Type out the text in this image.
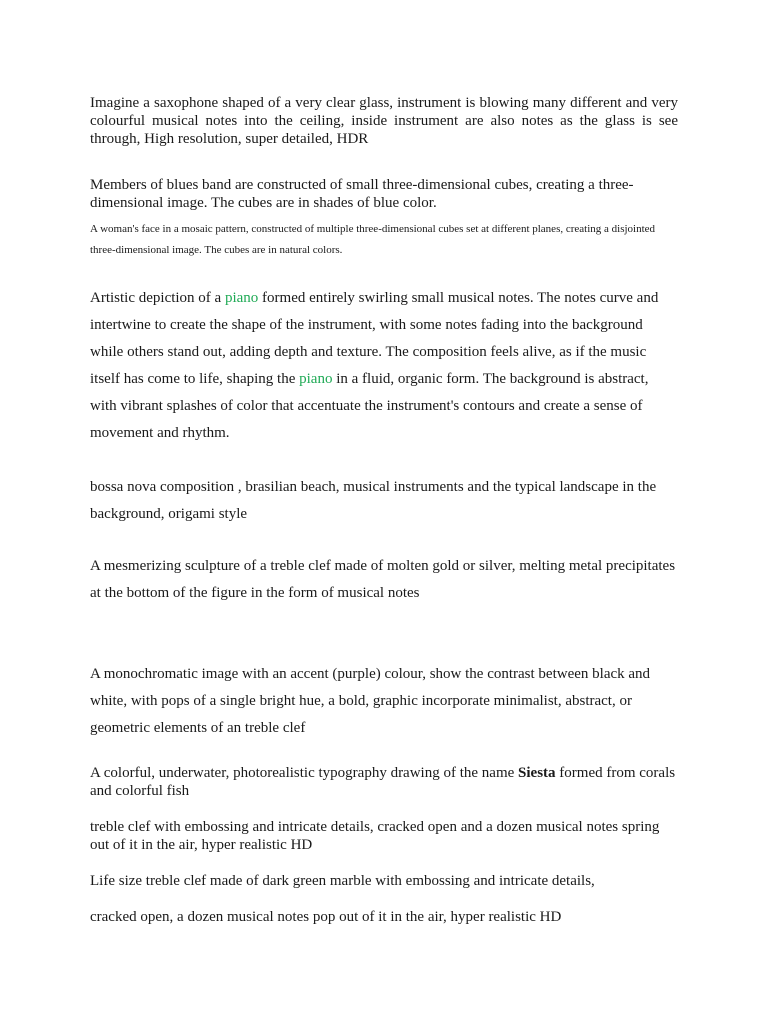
Imagine a saxophone shaped of a very clear glass, instrument is blowing many different and very colourful musical notes into the ceiling, inside instrument are also notes as the glass is see through, High resolution, super detailed, HDR

Members of blues band are constructed of small three-dimensional cubes, creating a three-dimensional image. The cubes are in shades of blue color.

A woman's face in a mosaic pattern, constructed of multiple three-dimensional cubes set at different planes, creating a disjointed three-dimensional image. The cubes are in natural colors.

Artistic depiction of a piano formed entirely swirling small musical notes. The notes curve and intertwine to create the shape of the instrument, with some notes fading into the background while others stand out, adding depth and texture. The composition feels alive, as if the music itself has come to life, shaping the piano in a fluid, organic form. The background is abstract, with vibrant splashes of color that accentuate the instrument's contours and create a sense of movement and rhythm.

bossa nova composition , brasilian beach, musical instruments and the typical landscape in the background, origami style

A mesmerizing sculpture of a treble clef made of molten gold or silver, melting metal precipitates at the bottom of the figure in the form of musical notes

A monochromatic image with an accent (purple) colour, show the contrast between black and white, with pops of a single bright hue, a bold, graphic incorporate minimalist, abstract, or geometric elements of an treble clef

A colorful, underwater, photorealistic typography drawing of the name Siesta formed from corals and colorful fish

treble clef with embossing and intricate details, cracked open and a dozen musical notes spring out of it in the air, hyper realistic HD

Life size treble clef made of dark green marble with embossing and intricate details,

cracked open, a dozen musical notes pop out of it in the air, hyper realistic HD
